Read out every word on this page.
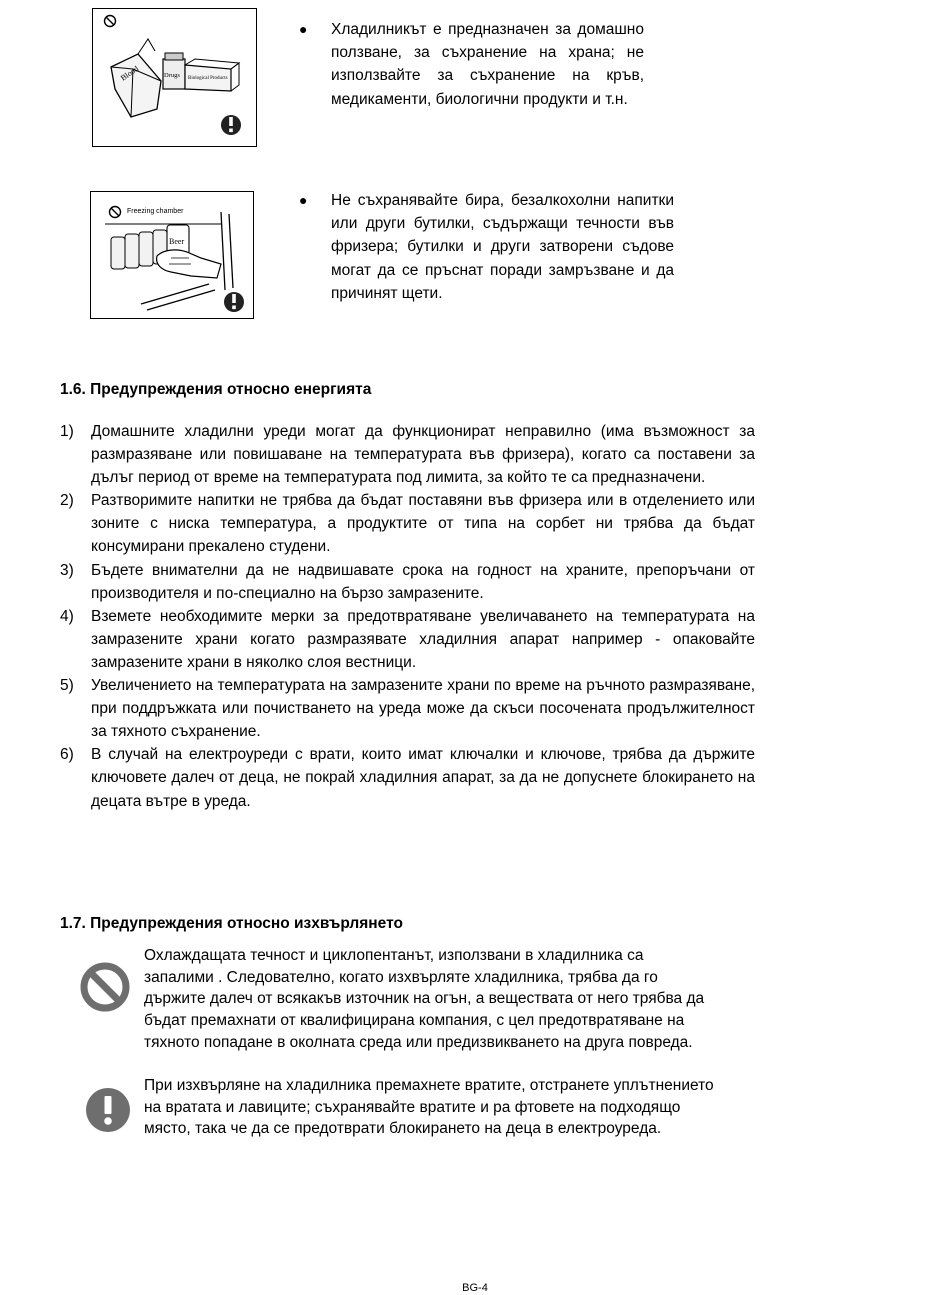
Blood	Drugs Biological Products
● Хладилникът е предназначен за домашно ползване, за съхранение на храна; не използвайте за съхранение на кръв, медикаменти, биологични продукти и т.н.
Freezing chamber
Beer
● Не съхранявайте бира, безалкохолни напитки или други бутилки, съдържащи течности във фризера; бутилки и други затворени съдове могат да се пръснат поради замръзване и да причинят щети.
1.6. Предупреждения относно енергията
1)	Домашните хладилни уреди могат да функционират неправилно (има възможност за размразяване или повишаване на температурата във фризера), когато са поставени за дълъг период от време на температурата под лимита, за който те са предназначени.
2)	Разтворимите напитки не трябва да бъдат поставяни във фризера или в отделението или зоните с ниска температура, а продуктите от типа на сорбет ни трябва да бъдат консумирани прекалено студени.
3)	Бъдете внимателни да не надвишавате срока на годност на храните, препоръчани от производителя и по-специално на бързо замразените.
4)	Вземете необходимите мерки за предотвратяване увеличаването на температурата на замразените храни когато размразявате хладилния апарат например - опаковайте замразените храни в няколко слоя вестници.
5)	Увеличението на температурата на замразените храни по време на ръчното размразяване, при поддръжката или почистването на уреда може да скъси посочената продължителност за тяхното съхранение.
6)	В случай на електроуреди с врати, които имат ключалки и ключове, трябва да държите ключовете далеч от деца, не покрай хладилния апарат, за да не допуснете блокирането на децата вътре в уреда.
1.7. Предупреждения относно изхвърлянето
Охлаждащата течност и циклопентанът, използвани в хладилника са запалими . Следователно, когато изхвърляте хладилника, трябва да го държите далеч от всякакъв източник на огън, а веществата от него трябва да бъдат премахнати от квалифицирана компания, с цел предотвратяване на тяхното попадане в околната среда или предизвикването на друга повреда.
При изхвърляне на хладилника премахнете вратите, отстранете уплътнението на вратата и лавиците; съхранявайте вратите и ра фтовете на подходящо място, така че да се предотврати блокирането на деца в електроуреда.
BG-4
